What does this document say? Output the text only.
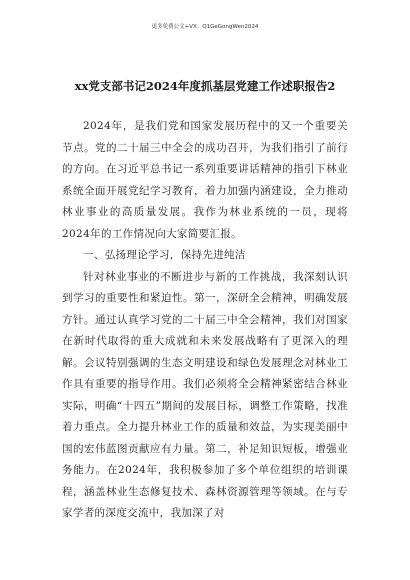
更多免费公文+VX：Q1GeGongWen2024
xx党支部书记2024年度抓基层党建工作述职报告2

2024年，是我们党和国家发展历程中的又一个重要关节点。党的二十届三中全会的成功召开，为我们指引了前行的方向。在习近平总书记一系列重要讲话精神的指引下林业系统全面开展党纪学习教育，着力加强内涵建设，全力推动林业事业的高质量发展。我作为林业系统的一员，现将2024年的工作情况向大家简要汇报。

一、弘扬理论学习，保持先进纯洁

针对林业事业的不断进步与新的工作挑战，我深刻认识到学习的重要性和紧迫性。第一，深研全会精神，明确发展方针。通过认真学习党的二十届三中全会精神，我们对国家在新时代取得的重大成就和未来发展战略有了更深入的理解。会议特别强调的生态文明建设和绿色发展理念对林业工作具有重要的指导作用。我们必须将全会精神紧密结合林业实际，明确“十四五”期间的发展目标，调整工作策略，找准着力重点。全力提升林业工作的质量和效益，为实现美丽中国的宏伟蓝图贡献应有力量。第二，补足知识短板，增强业务能力。在2024年，我积极参加了多个单位组织的培训课程，涵盖林业生态修复技术、森林资源管理等领域。在与专家学者的深度交流中，我加深了对
